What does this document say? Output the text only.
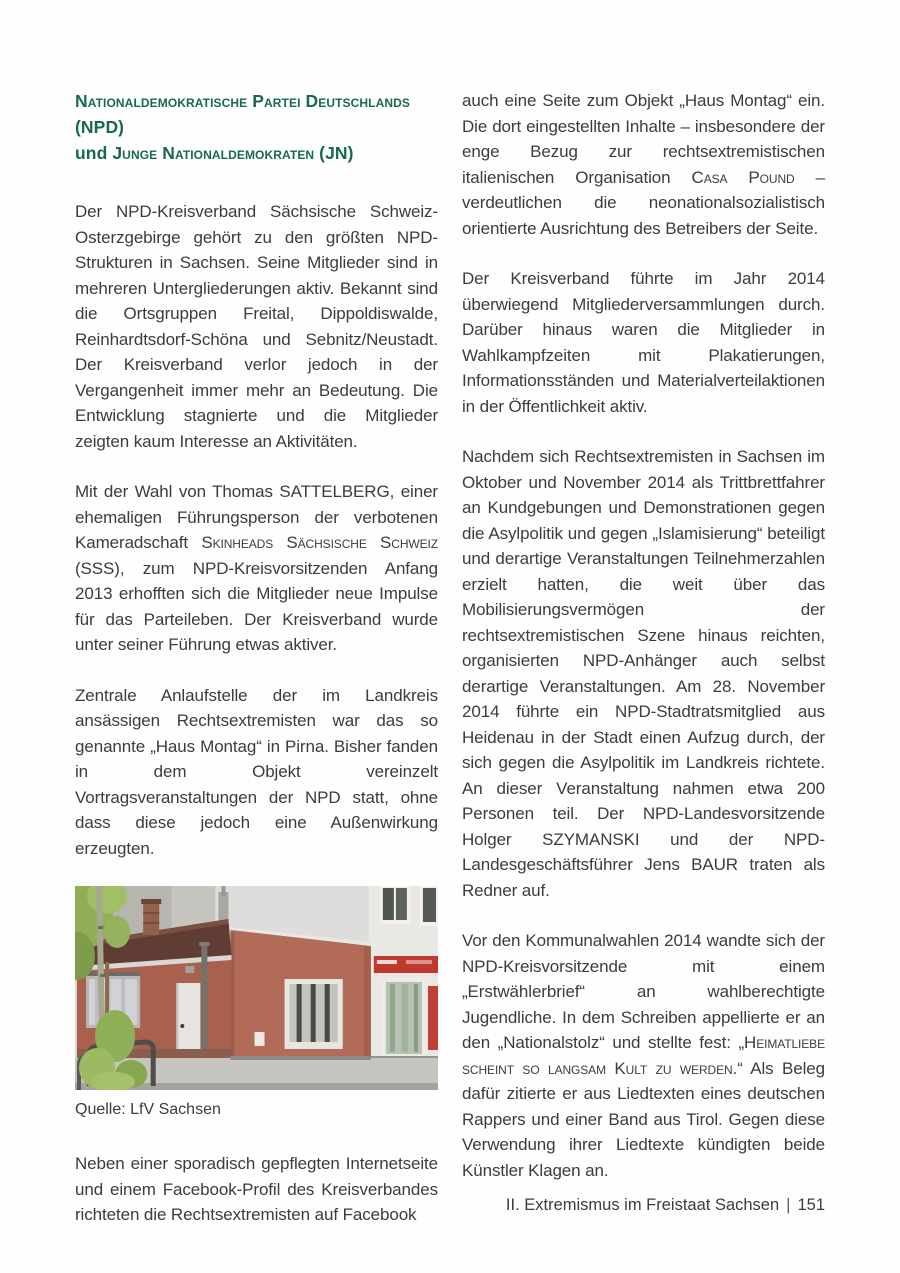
Nationaldemokratische Partei Deutschlands (NPD)
und Junge Nationaldemokraten (JN)

Der NPD-Kreisverband Sächsische Schweiz-Osterzgebirge gehört zu den größten NPD-Strukturen in Sachsen. Seine Mitglieder sind in mehreren Untergliederungen aktiv. Bekannt sind die Ortsgruppen Freital, Dippoldiswalde, Reinhardtsdorf-Schöna und Sebnitz/Neustadt. Der Kreisverband verlor jedoch in der Vergangenheit immer mehr an Bedeutung. Die Entwicklung stagnierte und die Mitglieder zeigten kaum Interesse an Aktivitäten.

Mit der Wahl von Thomas SATTELBERG, einer ehemaligen Führungsperson der verbotenen Kameradschaft Skinheads Sächsische Schweiz (SSS), zum NPD-Kreisvorsitzenden Anfang 2013 erhofften sich die Mitglieder neue Impulse für das Parteileben. Der Kreisverband wurde unter seiner Führung etwas aktiver.

Zentrale Anlaufstelle der im Landkreis ansässigen Rechtsextremisten war das so genannte „Haus Montag“ in Pirna. Bisher fanden in dem Objekt vereinzelt Vortragsveranstaltungen der NPD statt, ohne dass diese jedoch eine Außenwirkung erzeugten.

Quelle: LfV Sachsen

Neben einer sporadisch gepflegten Internetseite und einem Facebook-Profil des Kreisverbandes richteten die Rechtsextremisten auf Facebook

auch eine Seite zum Objekt „Haus Montag“ ein. Die dort eingestellten Inhalte – insbesondere der enge Bezug zur rechtsextremistischen italienischen Organisation Casa Pound – verdeutlichen die neonationalsozialistisch orientierte Ausrichtung des Betreibers der Seite.

Der Kreisverband führte im Jahr 2014 überwiegend Mitgliederversammlungen durch. Darüber hinaus waren die Mitglieder in Wahlkampfzeiten mit Plakatierungen, Informationsständen und Materialverteilaktionen in der Öffentlichkeit aktiv.

Nachdem sich Rechtsextremisten in Sachsen im Oktober und November 2014 als Trittbrettfahrer an Kundgebungen und Demonstrationen gegen die Asylpolitik und gegen „Islamisierung“ beteiligt und derartige Veranstaltungen Teilnehmerzahlen erzielt hatten, die weit über das Mobilisierungsvermögen der rechtsextremistischen Szene hinaus reichten, organisierten NPD-Anhänger auch selbst derartige Veranstaltungen. Am 28. November 2014 führte ein NPD-Stadtratsmitglied aus Heidenau in der Stadt einen Aufzug durch, der sich gegen die Asylpolitik im Landkreis richtete. An dieser Veranstaltung nahmen etwa 200 Personen teil. Der NPD-Landesvorsitzende Holger SZYMANSKI und der NPD-Landesgeschäftsführer Jens BAUR traten als Redner auf.

Vor den Kommunalwahlen 2014 wandte sich der NPD-Kreisvorsitzende mit einem „Erstwählerbrief“ an wahlberechtigte Jugendliche. In dem Schreiben appellierte er an den „Nationalstolz“ und stellte fest: „Heimatliebe scheint so langsam Kult zu werden.“ Als Beleg dafür zitierte er aus Liedtexten eines deutschen Rappers und einer Band aus Tirol. Gegen diese Verwendung ihrer Liedtexte kündigten beide Künstler Klagen an.

II. Extremismus im Freistaat Sachsen | 151
